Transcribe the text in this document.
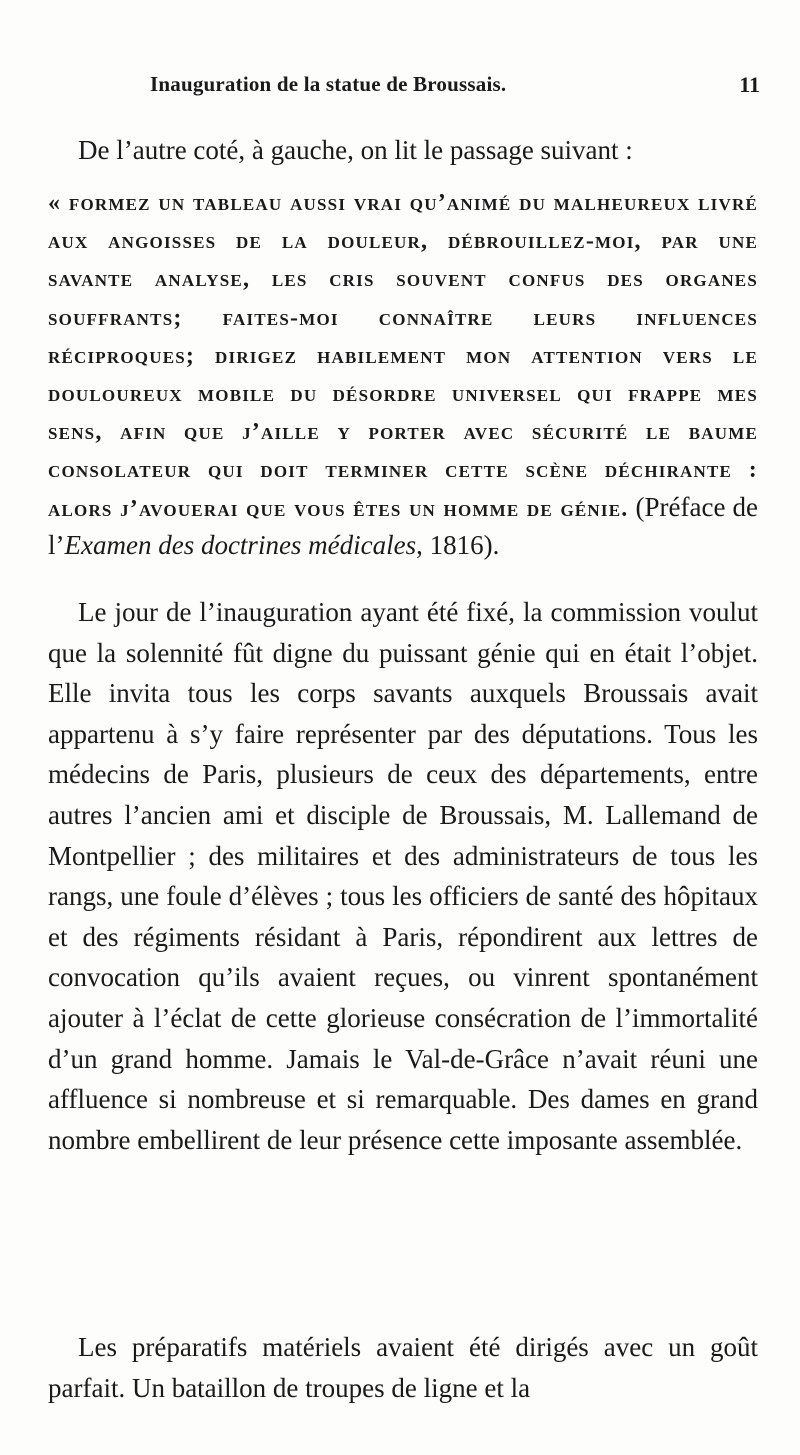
Inauguration de la statue de Broussais.	11

De l’autre coté, à gauche, on lit le passage suivant :

« formez un tableau aussi vrai qu’animé du malheureux livré aux angoisses de la douleur, débrouillez-moi, par une savante analyse, les cris souvent confus des organes souffrants; faites-moi connaître leurs influences réciproques; dirigez habilement mon attention vers le douloureux mobile du désordre universel qui frappe mes sens, afin que j’aille y porter avec sécurité le baume consolateur qui doit terminer cette scène déchirante : alors j’avouerai que vous êtes un homme de génie. (Préface de l’Examen des doctrines médicales, 1816).

Le jour de l’inauguration ayant été fixé, la commission voulut que la solennité fût digne du puissant génie qui en était l’objet. Elle invita tous les corps savants auxquels Broussais avait appartenu à s’y faire représenter par des députations. Tous les médecins de Paris, plusieurs de ceux des départements, entre autres l’ancien ami et disciple de Broussais, M. Lallemand de Montpellier ; des militaires et des administrateurs de tous les rangs, une foule d’élèves ; tous les officiers de santé des hôpitaux et des régiments résidant à Paris, répondirent aux lettres de convocation qu’ils avaient reçues, ou vinrent spontanément ajouter à l’éclat de cette glorieuse consécration de l’immortalité d’un grand homme. Jamais le Val-de-Grâce n’avait réuni une affluence si nombreuse et si remarquable. Des dames en grand nombre embellirent de leur présence cette imposante assemblée.

Les préparatifs matériels avaient été dirigés avec un goût parfait. Un bataillon de troupes de ligne et la
